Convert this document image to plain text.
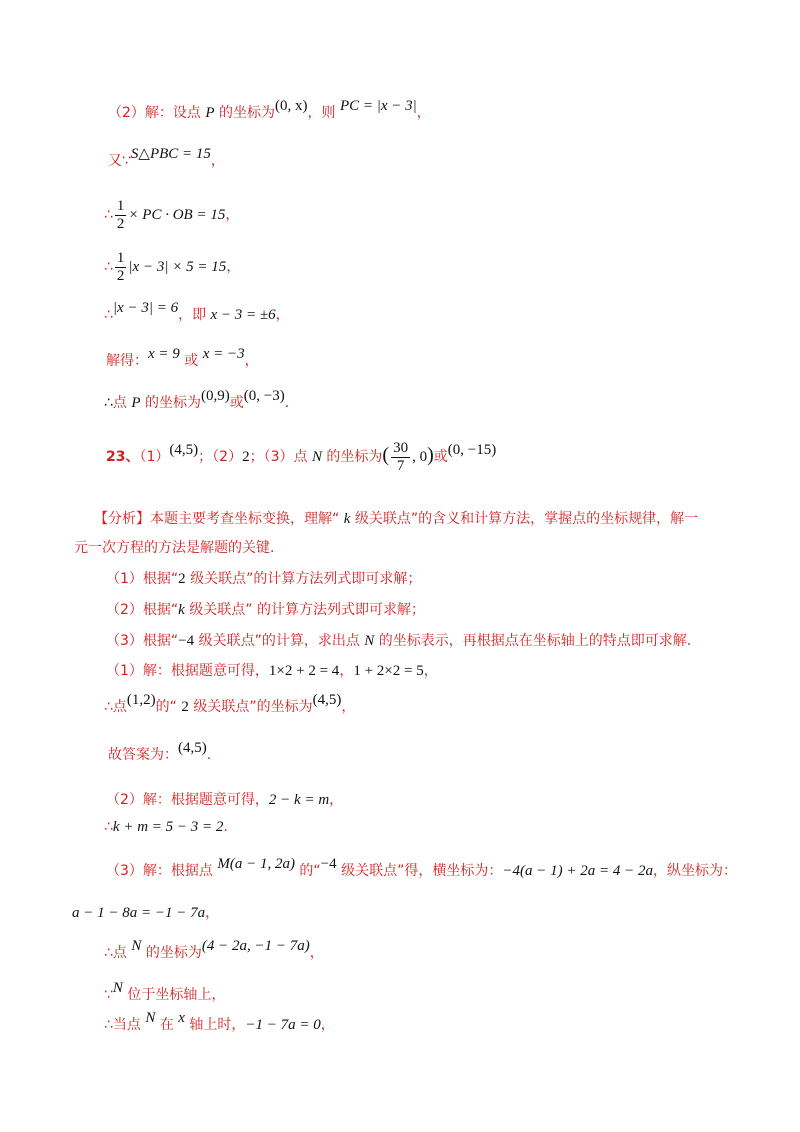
（2）解：设点 P 的坐标为(0, x)，则 PC = |x − 3|，
又∵S△PBC = 15，
∴ $\frac{1}{2}$ × PC · OB = 15，
∴ $\frac{1}{2} |x - 3| \times 5 = 15$，
∴|x − 3| = 6，即 x − 3 = ±6，
解得：x = 9 或 x = −3，
∴点 P 的坐标为(0,9)或(0, −3).
23、（1）(4,5)；（2）2；（3）点 N 的坐标为( $\frac{30}{7}$ , 0)或(0, −15)
【分析】本题主要考查坐标变换，理解“ k 级关联点”的含义和计算方法，掌握点的坐标规律，解一
元一次方程的方法是解题的关键.
（1）根据“2 级关联点”的计算方法列式即可求解；
（2）根据“k 级关联点” 的计算方法列式即可求解；
（3）根据“−4 级关联点”的计算，求出点 N 的坐标表示，再根据点在坐标轴上的特点即可求解.
（1）解：根据题意可得，1×2 + 2 = 4，1 + 2×2 = 5，
∴点(1,2)的“ 2 级关联点”的坐标为(4,5)，
故答案为：(4,5).
（2）解：根据题意可得，2 − k = m，
∴k + m = 5 − 3 = 2.
（3）解：根据点 M(a − 1, 2a) 的“−4 级关联点”得，横坐标为：−4(a − 1) + 2a = 4 − 2a，纵坐标为：
a − 1 − 8a = −1 − 7a，
∴点 N 的坐标为(4 − 2a, −1 − 7a)，
∵N 位于坐标轴上，
∴当点 N 在 x 轴上时，−1 − 7a = 0，
